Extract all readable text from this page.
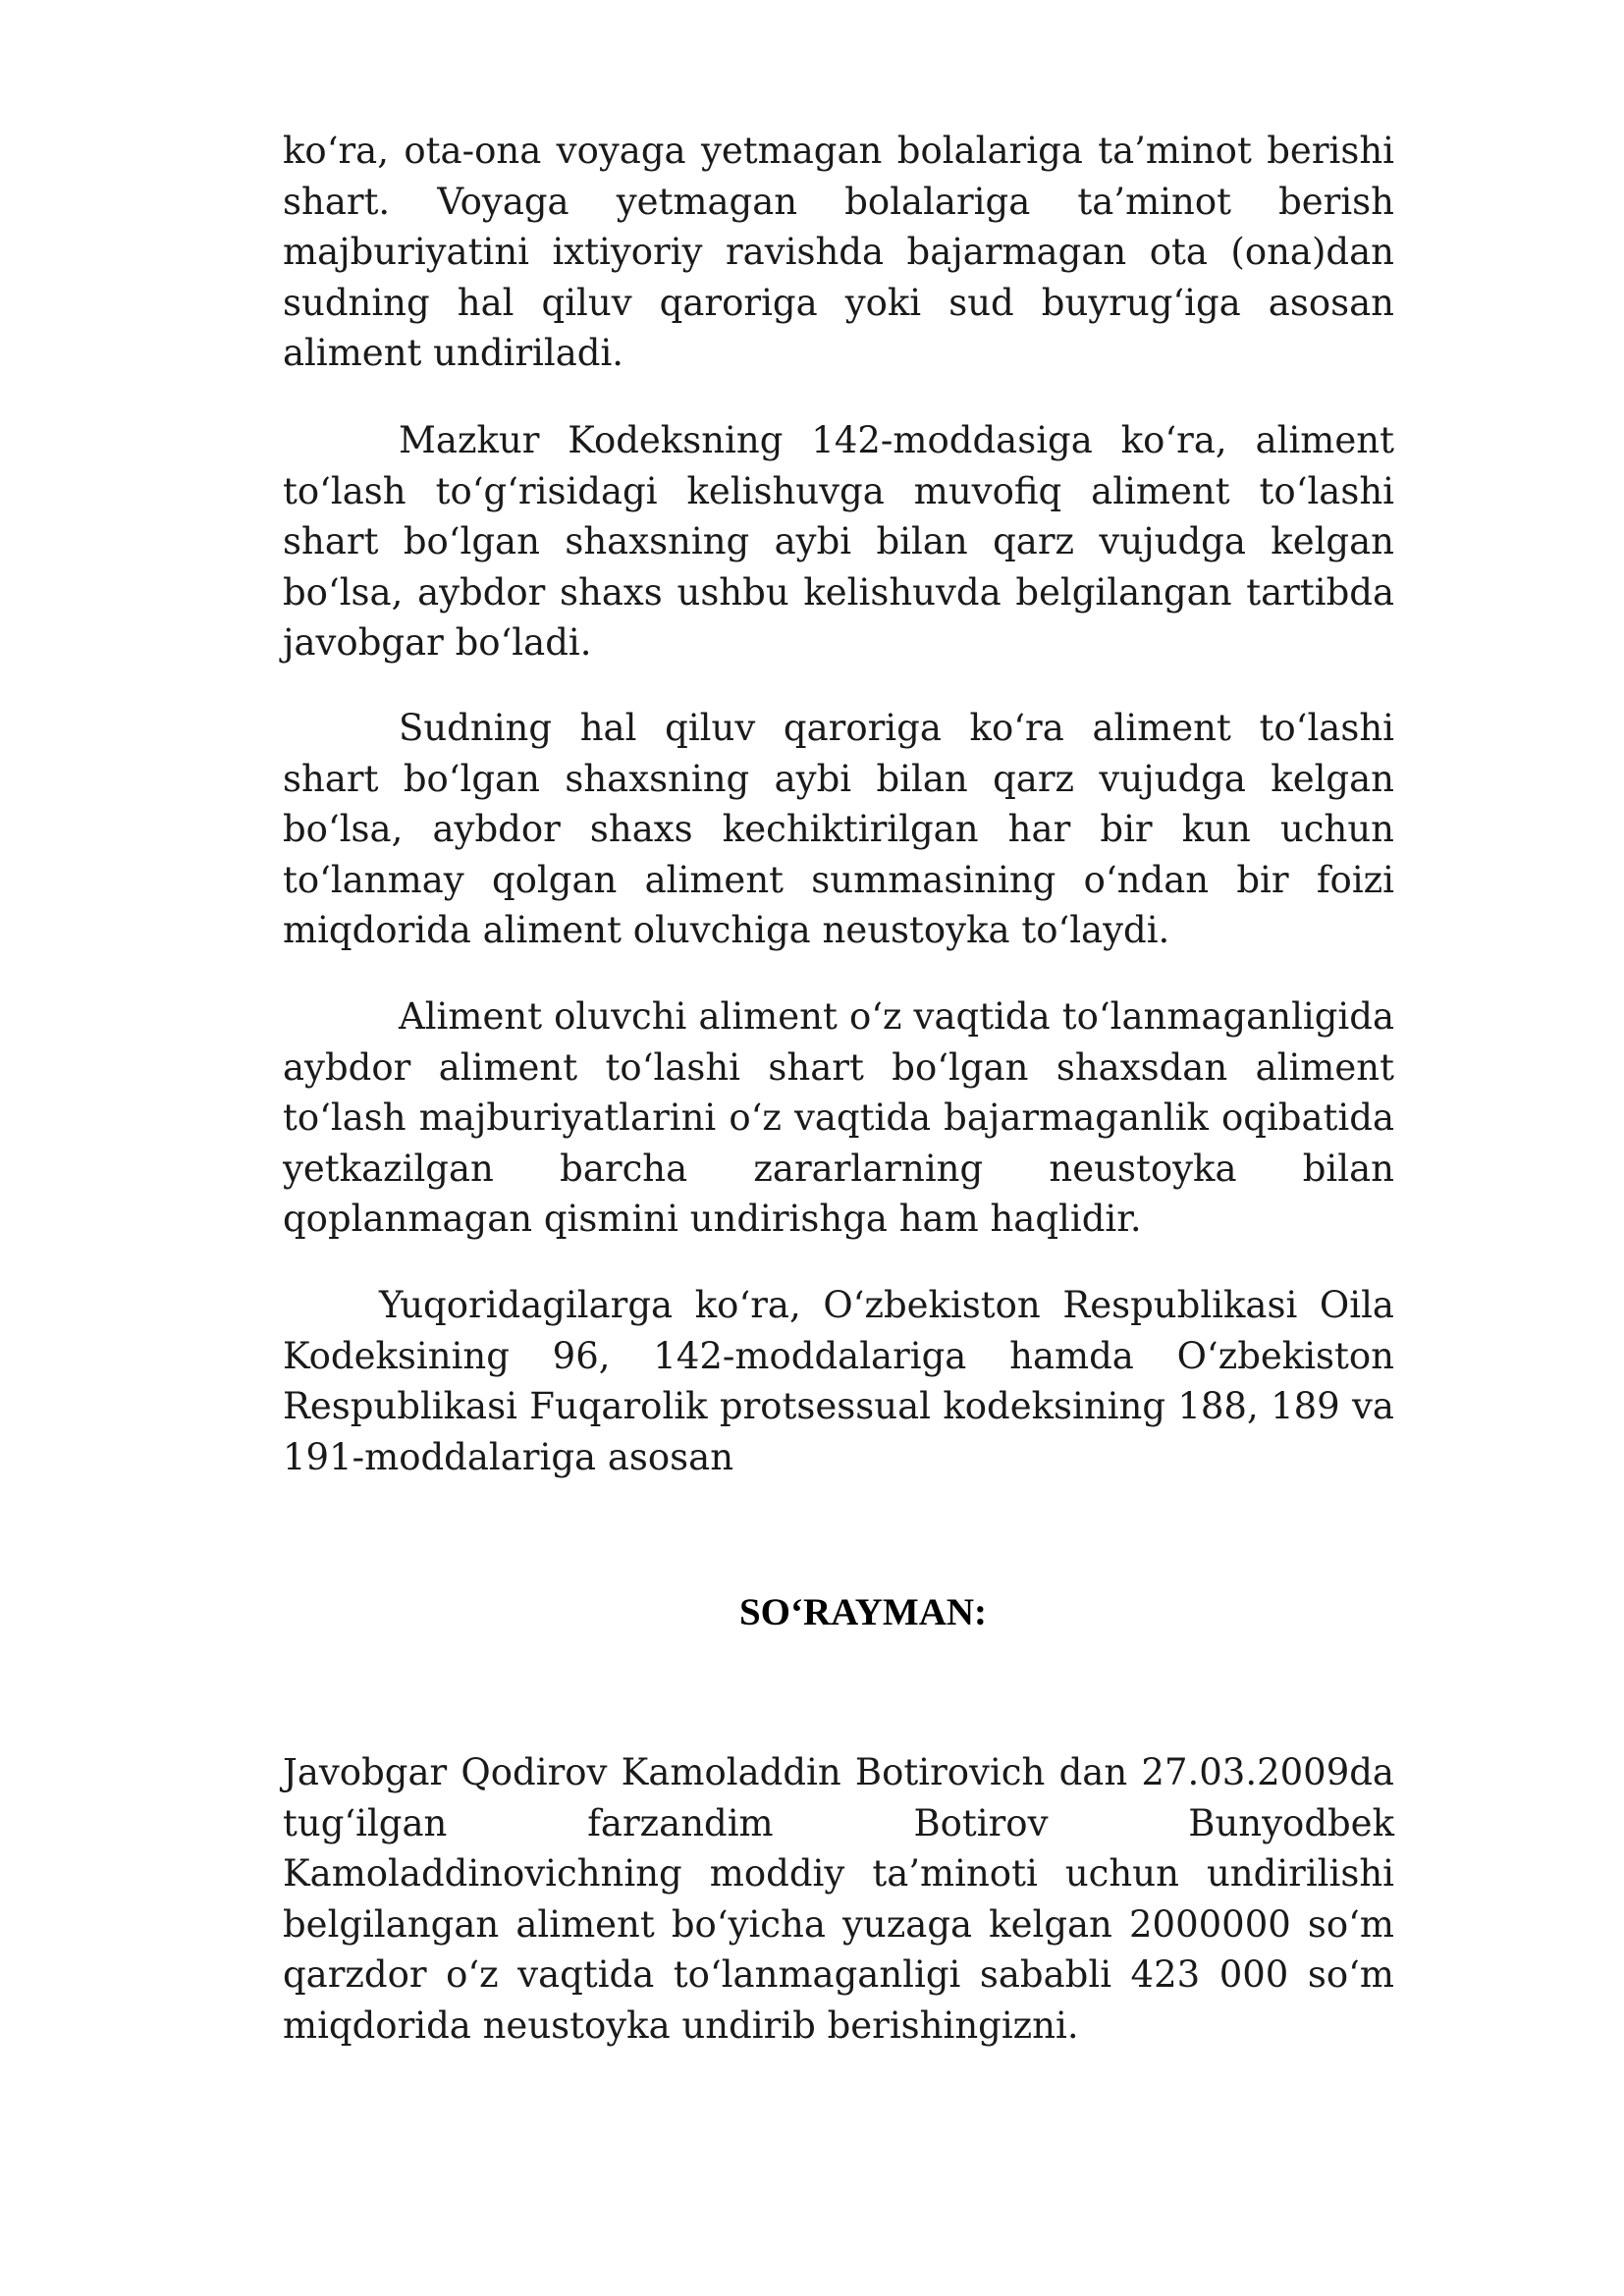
ko‘ra, ota-ona voyaga yetmagan bolalariga ta’minot berishi shart. Voyaga yetmagan bolalariga ta’minot berish majburiyatini ixtiyoriy ravishda bajarmagan ota (ona)dan sudning hal qiluv qaroriga yoki sud buyrug‘iga asosan aliment undiriladi.

Mazkur Kodeksning 142-moddasiga ko‘ra, aliment to‘lash to‘g‘risidagi kelishuvga muvofiq aliment to‘lashi shart bo‘lgan shaxsning aybi bilan qarz vujudga kelgan bo‘lsa, aybdor shaxs ushbu kelishuvda belgilangan tartibda javobgar bo‘ladi.

Sudning hal qiluv qaroriga ko‘ra aliment to‘lashi shart bo‘lgan shaxsning aybi bilan qarz vujudga kelgan bo‘lsa, aybdor shaxs kechiktirilgan har bir kun uchun to‘lanmay qolgan aliment summasining o‘ndan bir foizi miqdorida aliment oluvchiga neustoyka to‘laydi.

Aliment oluvchi aliment o‘z vaqtida to‘lanmaganligida aybdor aliment to‘lashi shart bo‘lgan shaxsdan aliment to‘lash majburiyatlarini o‘z vaqtida bajarmaganlik oqibatida yetkazilgan barcha zararlarning neustoyka bilan qoplanmagan qismini undirishga ham haqlidir.

Yuqoridagilarga ko‘ra, O‘zbekiston Respublikasi Oila Kodeksining 96, 142-moddalariga hamda O‘zbekiston Respublikasi Fuqarolik protsessual kodeksining 188, 189 va 191-moddalariga asosan

SO‘RAYMAN:

Javobgar Qodirov Kamoladdin Botirovich dan 27.03.2009da tug‘ilgan farzandim Botirov Bunyodbek Kamoladdinovichning moddiy ta’minoti uchun undirilishi belgilangan aliment bo‘yicha yuzaga kelgan 2000000 so‘m qarzdor o‘z vaqtida to‘lanmaganligi sababli 423 000 so‘m miqdorida neustoyka undirib berishingizni.
